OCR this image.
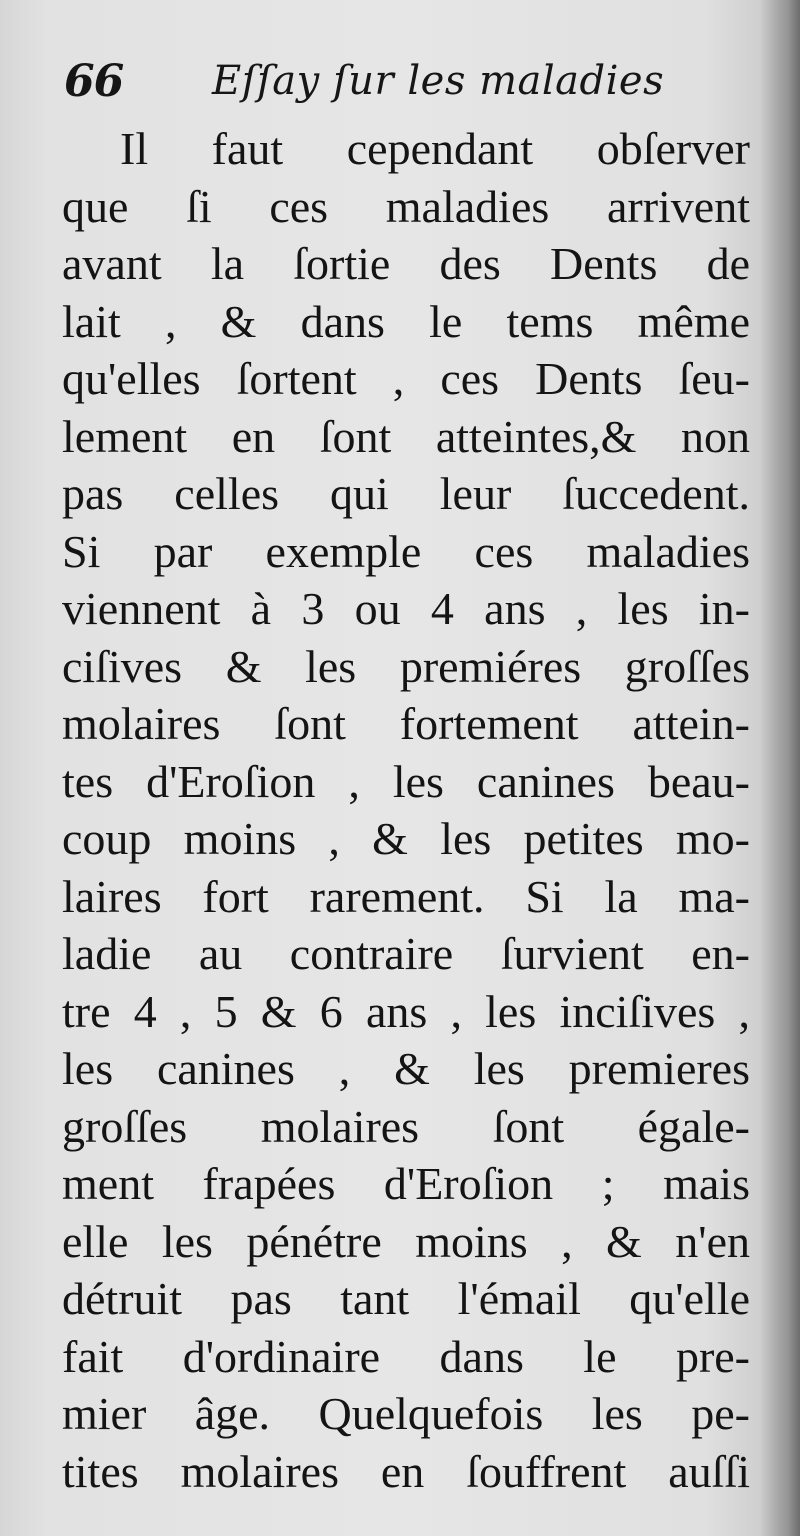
66 Eſſay ſur les maladies
Il faut cependant obſerver
que ſi ces maladies arrivent
avant la ſortie des Dents de
lait , & dans le tems même
qu'elles ſortent , ces Dents ſeu-
lement en ſont atteintes,& non
pas celles qui leur ſuccedent.
Si par exemple ces maladies
viennent à 3 ou 4 ans , les in-
ciſives & les premiéres groſſes
molaires ſont fortement attein-
tes d'Eroſion , les canines beau-
coup moins , & les petites mo-
laires fort rarement. Si la ma-
ladie au contraire ſurvient en-
tre 4 , 5 & 6 ans , les inciſives ,
les canines , & les premieres
groſſes molaires ſont égale-
ment frapées d'Eroſion ; mais
elle les pénétre moins , & n'en
détruit pas tant l'émail qu'elle
fait d'ordinaire dans le pre-
mier âge. Quelquefois les pe-
tites molaires en ſouffrent auſſi
